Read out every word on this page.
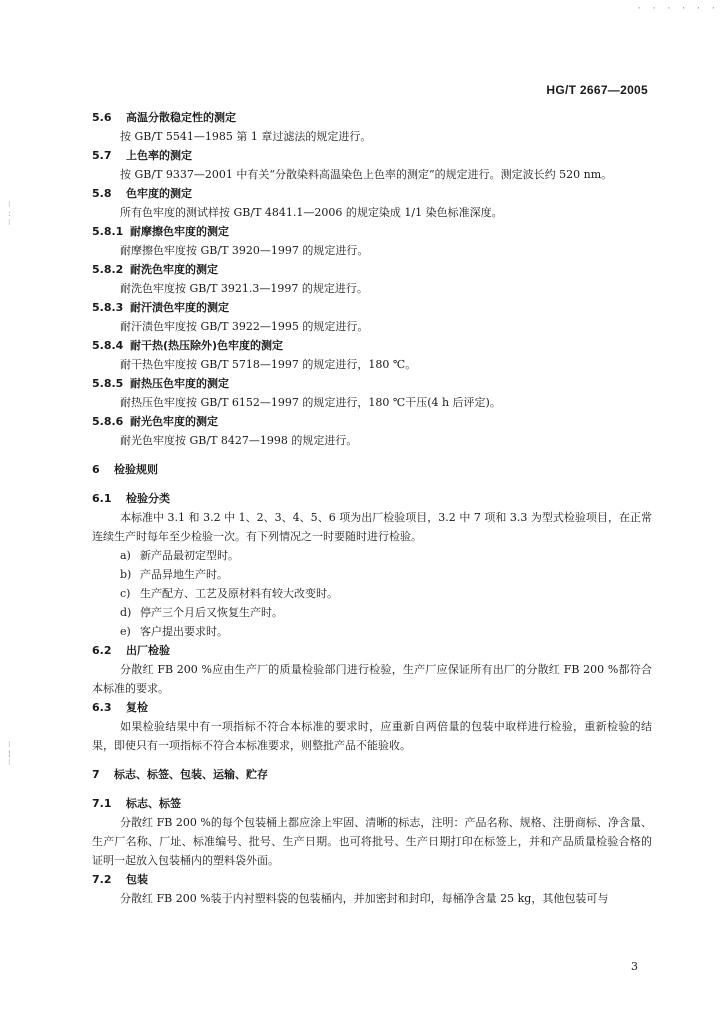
· · · · · ·
⁝
:
⁝
⁝
¦
⁝
HG/T 2667—2005
5.6 高温分散稳定性的测定
按 GB/T 5541—1985 第 1 章过滤法的规定进行。
5.7 上色率的测定
按 GB/T 9337—2001 中有关“分散染料高温染色上色率的测定”的规定进行。测定波长约 520 nm。
5.8 色牢度的测定
所有色牢度的测试样按 GB/T 4841.1—2006 的规定染成 1/1 染色标准深度。
5.8.1 耐摩擦色牢度的测定
耐摩擦色牢度按 GB/T 3920—1997 的规定进行。
5.8.2 耐洗色牢度的测定
耐洗色牢度按 GB/T 3921.3—1997 的规定进行。
5.8.3 耐汗渍色牢度的测定
耐汗渍色牢度按 GB/T 3922—1995 的规定进行。
5.8.4 耐干热(热压除外)色牢度的测定
耐干热色牢度按 GB/T 5718—1997 的规定进行，180 ℃。
5.8.5 耐热压色牢度的测定
耐热压色牢度按 GB/T 6152—1997 的规定进行，180 ℃干压(4 h 后评定)。
5.8.6 耐光色牢度的测定
耐光色牢度按 GB/T 8427—1998 的规定进行。
6 检验规则
6.1 检验分类
本标准中 3.1 和 3.2 中 1、2、3、4、5、6 项为出厂检验项目，3.2 中 7 项和 3.3 为型式检验项目，在正常连续生产时每年至少检验一次。有下列情况之一时要随时进行检验。
a) 新产品最初定型时。
b) 产品异地生产时。
c) 生产配方、工艺及原材料有较大改变时。
d) 停产三个月后又恢复生产时。
e) 客户提出要求时。
6.2 出厂检验
分散红 FB 200 %应由生产厂的质量检验部门进行检验，生产厂应保证所有出厂的分散红 FB 200 %都符合本标准的要求。
6.3 复检
如果检验结果中有一项指标不符合本标准的要求时，应重新自两倍量的包装中取样进行检验，重新检验的结果，即使只有一项指标不符合本标准要求，则整批产品不能验收。
7 标志、标签、包装、运输、贮存
7.1 标志、标签
分散红 FB 200 %的每个包装桶上都应涂上牢固、清晰的标志，注明：产品名称、规格、注册商标、净含量、生产厂名称、厂址、标准编号、批号、生产日期。也可将批号、生产日期打印在标签上，并和产品质量检验合格的证明一起放入包装桶内的塑料袋外面。
7.2 包装
分散红 FB 200 %装于内衬塑料袋的包装桶内，并加密封和封印，每桶净含量 25 kg，其他包装可与
3
